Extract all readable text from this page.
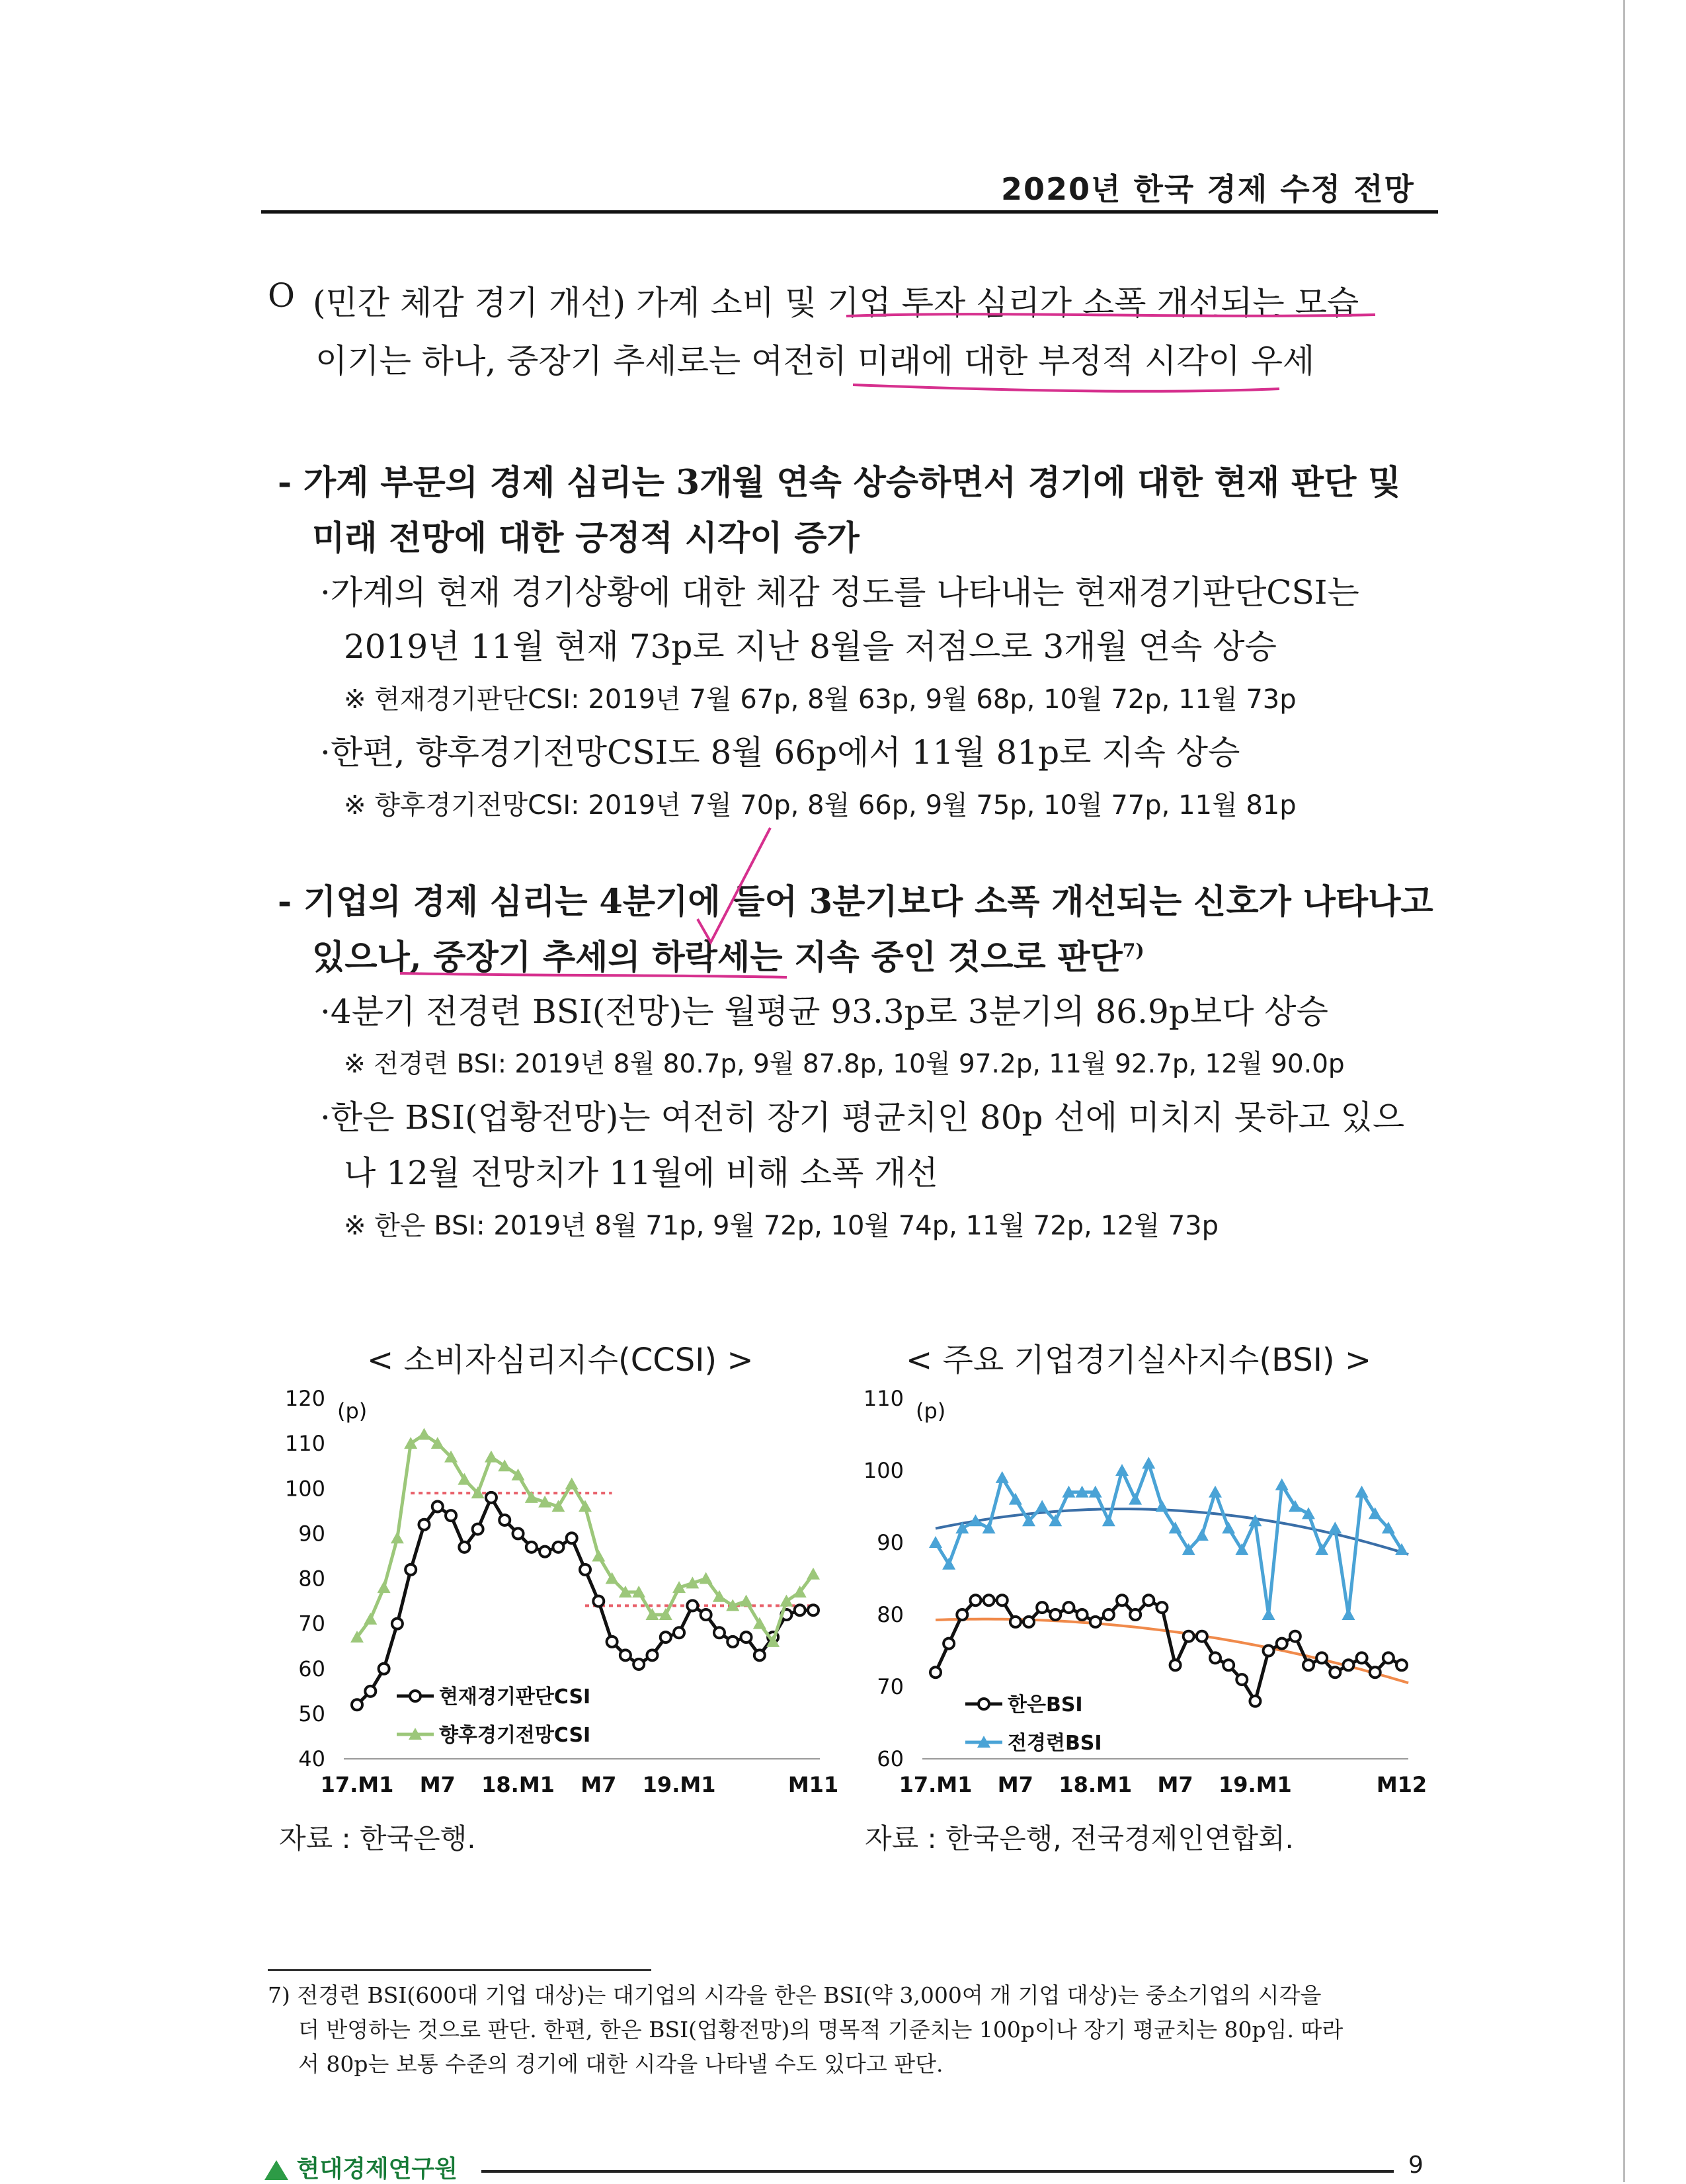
2020년 한국 경제 수정 전망
O (민간 체감 경기 개선) 가계 소비 및 기업 투자 심리가 소폭 개선되는 모습
이기는 하나, 중장기 추세로는 여전히 미래에 대한 부정적 시각이 우세
- 가계 부문의 경제 심리는 3개월 연속 상승하면서 경기에 대한 현재 판단 및
미래 전망에 대한 긍정적 시각이 증가
·가계의 현재 경기상황에 대한 체감 정도를 나타내는 현재경기판단CSI는
2019년 11월 현재 73p로 지난 8월을 저점으로 3개월 연속 상승
※ 현재경기판단CSI: 2019년 7월 67p, 8월 63p, 9월 68p, 10월 72p, 11월 73p
·한편, 향후경기전망CSI도 8월 66p에서 11월 81p로 지속 상승
※ 향후경기전망CSI: 2019년 7월 70p, 8월 66p, 9월 75p, 10월 77p, 11월 81p
- 기업의 경제 심리는 4분기에 들어 3분기보다 소폭 개선되는 신호가 나타나고
있으나, 중장기 추세의 하락세는 지속 중인 것으로 판단$^{7)}$
·4분기 전경련 BSI(전망)는 월평균 93.3p로 3분기의 86.9p보다 상승
※ 전경련 BSI: 2019년 8월 80.7p, 9월 87.8p, 10월 97.2p, 11월 92.7p, 12월 90.0p
·한은 BSI(업황전망)는 여전히 장기 평균치인 80p 선에 미치지 못하고 있으
나 12월 전망치가 11월에 비해 소폭 개선
※ 한은 BSI: 2019년 8월 71p, 9월 72p, 10월 74p, 11월 72p, 12월 73p
< 소비자심리지수(CCSI) >	< 주요 기업경기실사지수(BSI) >
40
50
60
70
80
90
100
110
120 (p)
17.M1 M7 18.M1 M7 19.M1	M11
현재경기판단CSI
향후경기전망CSI
60
70
80
90
100
110 (p)
17.M1 M7 18.M1 M7 19.M1	M12
한은BSI
전경련BSI
자료 : 한국은행.	자료 : 한국은행, 전국경제인연합회.
7) 전경련 BSI(600대 기업 대상)는 대기업의 시각을 한은 BSI(약 3,000여 개 기업 대상)는 중소기업의 시각을
더 반영하는 것으로 판단. 한편, 한은 BSI(업황전망)의 명목적 기준치는 100p이나 장기 평균치는 80p임. 따라
서 80p는 보통 수준의 경기에 대한 시각을 나타낼 수도 있다고 판단.
현대경제연구원	9
